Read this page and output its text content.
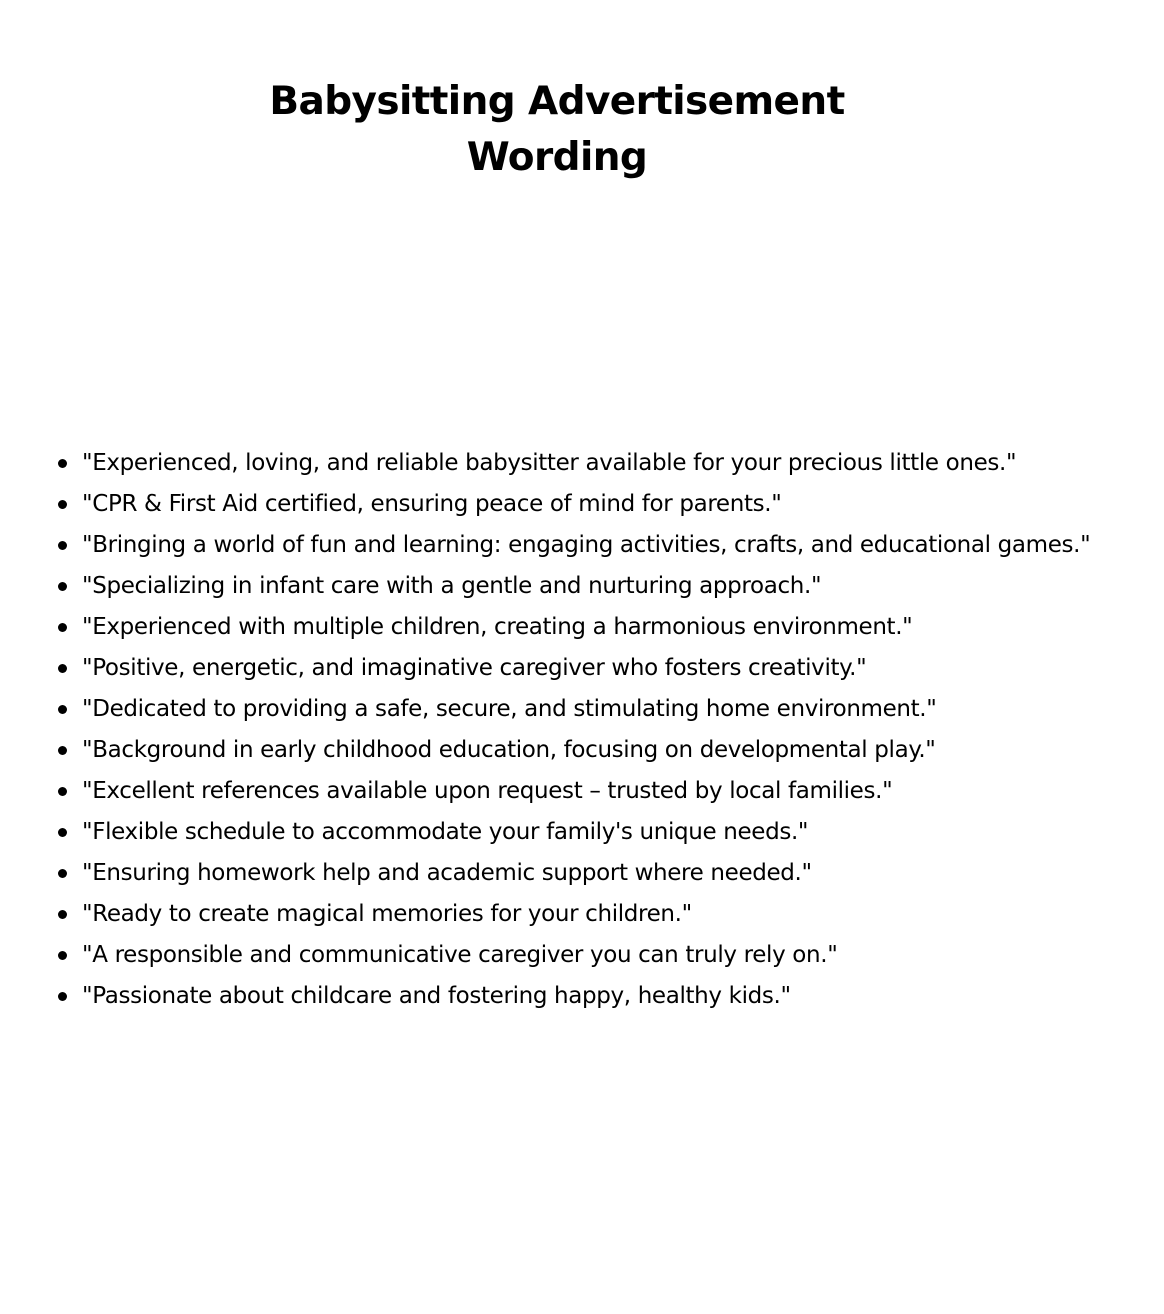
Babysitting Advertisement
Wording
"Experienced, loving, and reliable babysitter available for your precious little ones."
"CPR & First Aid certified, ensuring peace of mind for parents."
"Bringing a world of fun and learning: engaging activities, crafts, and educational games."
"Specializing in infant care with a gentle and nurturing approach."
"Experienced with multiple children, creating a harmonious environment."
"Positive, energetic, and imaginative caregiver who fosters creativity."
"Dedicated to providing a safe, secure, and stimulating home environment."
"Background in early childhood education, focusing on developmental play."
"Excellent references available upon request – trusted by local families."
"Flexible schedule to accommodate your family's unique needs."
"Ensuring homework help and academic support where needed."
"Ready to create magical memories for your children."
"A responsible and communicative caregiver you can truly rely on."
"Passionate about childcare and fostering happy, healthy kids."
